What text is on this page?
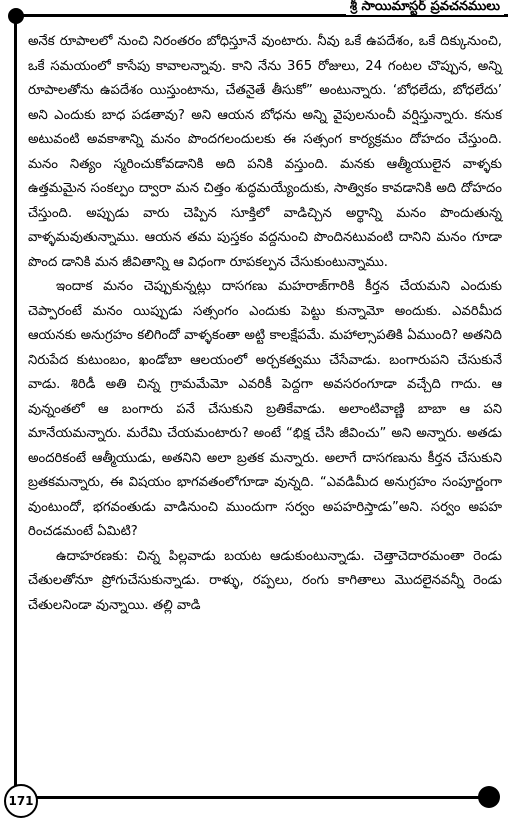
శ్రీ సాయిమాస్టర్ ప్రవచనములు

అనేక రూపాలలో నుంచి నిరంతరం బోధిస్తూనే వుంటారు. నీవు ఒకే ఉపదేశం, ఒకే దిక్కునుంచి, ఒకే సమయంలో కాసేపు కావాలన్నావు. కాని నేను 365 రోజులు, 24 గంటల చొప్పున, అన్ని రూపాలతోను ఉపదేశం యిస్తుంటాను, చేతనైతే తీసుకో” అంటున్నారు. ‘బోధలేదు, బోధలేదు’ అని ఎందుకు బాధ పడతావు? అని ఆయన బోధను అన్ని వైపులనుంచీ వర్షిస్తున్నారు. కనుక అటువంటి అవకాశాన్ని మనం పొందగలందులకు ఈ సత్సంగ కార్యక్రమం దోహదం చేస్తుంది. మనం నిత్యం స్మరించుకోవడానికి అది పనికి వస్తుంది. మనకు ఆత్మీయులైన వాళ్ళకు ఉత్తమమైన సంకల్పం ద్వారా మన చిత్తం శుద్ధమయ్యేందుకు, సాత్వికం కావడానికి అది దోహదం చేస్తుంది. అప్పుడు వారు చెప్పిన సూక్తిలో వాడిచ్చిన అర్థాన్ని మనం పొందుతున్న వాళ్ళమవుతున్నాము. ఆయన తమ పుస్తకం వద్దనుంచి పొందినటువంటి దానిని మనం గూడా పొంద డానికి మన జీవితాన్ని ఆ విధంగా రూపకల్పన చేసుకుంటున్నాము.

ఇందాక మనం చెప్పుకున్నట్లు దాసగణు మహరాజ్‌గారికి కీర్తన చేయమని ఎందుకు చెప్పారంటే మనం యిప్పుడు సత్సంగం ఎందుకు పెట్టు కున్నామో అందుకు. ఎవరిమీద ఆయనకు అనుగ్రహం కలిగిందో వాళ్ళకంతా అట్టి కాలక్షేపమే. మహాల్సాపతికి ఏముంది? అతనిది నిరుపేద కుటుంబం, ఖండోబా ఆలయంలో అర్చకత్వము చేసేవాడు. బంగారుపని చేసుకునే వాడు. శిరిడీ అతి చిన్న గ్రామమేమో ఎవరికీ పెద్దగా అవసరంగూడా వచ్చేది గాదు. ఆ వున్నంతలో ఆ బంగారు పనే చేసుకుని బ్రతికేవాడు. అలాంటివాణ్ణి బాబా ఆ పని మానేయమన్నారు. మరేమి చేయమంటారు? అంటే “భిక్ష చేసి జీవించు” అని అన్నారు. అతడు అందరికంటే ఆత్మీయుడు, అతనిని అలా బ్రతక మన్నారు. అలాగే దాసగణును కీర్తన చేసుకుని బ్రతకమన్నారు, ఈ విషయం భాగవతంలోగూడా వున్నది. “ఎవడిమీద అనుగ్రహం సంపూర్ణంగా వుంటుందో, భగవంతుడు వాడినుంచి ముందుగా సర్వం అపహరిస్తాడు”అని. సర్వం అపహ రించడమంటే ఏమిటి?

ఉదాహరణకు: చిన్న పిల్లవాడు బయట ఆడుకుంటున్నాడు. చెత్తాచెదారమంతా రెండు చేతులతోనూ ప్రోగుచేసుకున్నాడు. రాళ్ళు, రప్పలు, రంగు కాగితాలు మొదలైనవన్నీ రెండు చేతులనిండా వున్నాయి. తల్లి వాడి

171
